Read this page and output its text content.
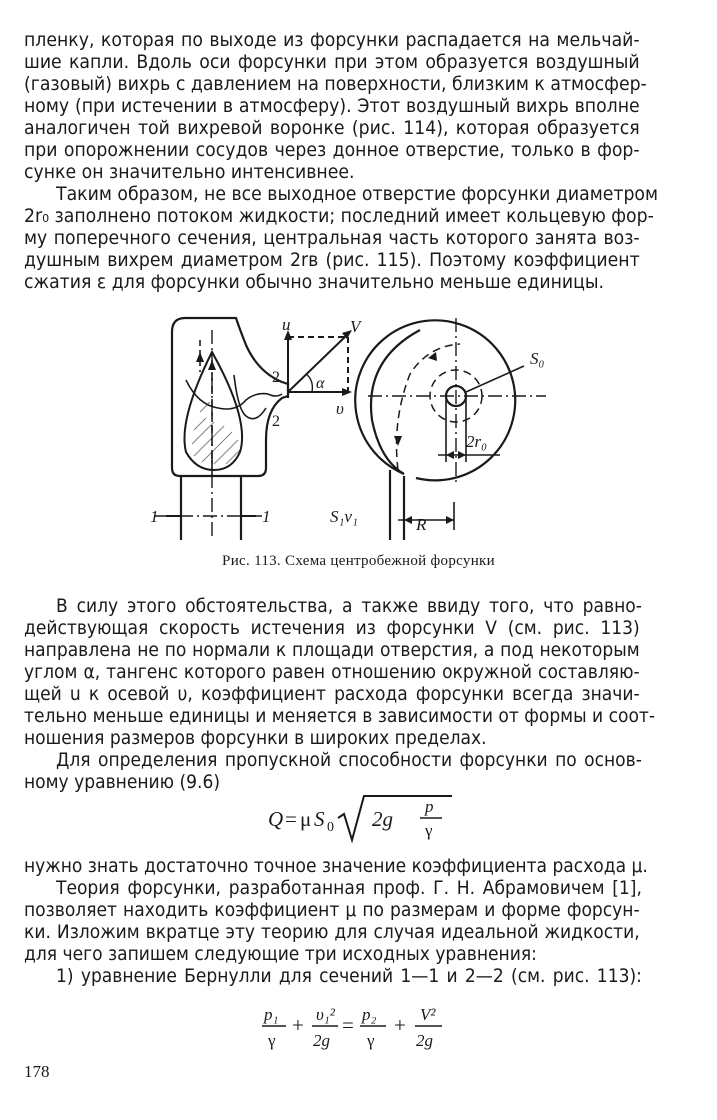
пленку, которая по выходе из форсунки распадается на мельчай-
шие капли. Вдоль оси форсунки при этом образуется воздушный
(газовый) вихрь с давлением на поверхности, близким к атмосфер-
ному (при истечении в атмосферу). Этот воздушный вихрь вполне
аналогичен той вихревой воронке (рис. 114), которая образуется
при опорожнении сосудов через донное отверстие, только в фор-
сунке он значительно интенсивнее.
Таким образом, не все выходное отверстие форсунки диаметром
2r₀ заполнено потоком жидкости; последний имеет кольцевую фор-
му поперечного сечения, центральная часть которого занята воз-
душным вихрем диаметром 2rв (рис. 115). Поэтому коэффициент
сжатия ε для форсунки обычно значительно меньше единицы.
u	V
α
υ
2
2
1	1
S₀
2r₀
S₁v₁	R
Рис. 113. Схема центробежной форсунки
В силу этого обстоятельства, а также ввиду того, что равно-
действующая скорость истечения из форсунки V (см. рис. 113)
направлена не по нормали к площади отверстия, а под некоторым
углом α, тангенс которого равен отношению окружной составляю-
щей u к осевой υ, коэффициент расхода форсунки всегда значи-
тельно меньше единицы и меняется в зависимости от формы и соот-
ношения размеров форсунки в широких пределах.
Для определения пропускной способности форсунки по основ-
ному уравнению (9.6)
Q = μ S 0 2g
p
γ
нужно знать достаточно точное значение коэффициента расхода μ.
Теория форсунки, разработанная проф. Г. Н. Абрамовичем [1],
позволяет находить коэффициент μ по размерам и форме форсун-
ки. Изложим вкратце эту теорию для случая идеальной жидкости,
для чего запишем следующие три исходных уравнения:
1) уравнение Бернулли для сечений 1—1 и 2—2 (см. рис. 113):
p₁
γ
+ υ₁²
2g
= p₂
γ
+ V²
2g
178
